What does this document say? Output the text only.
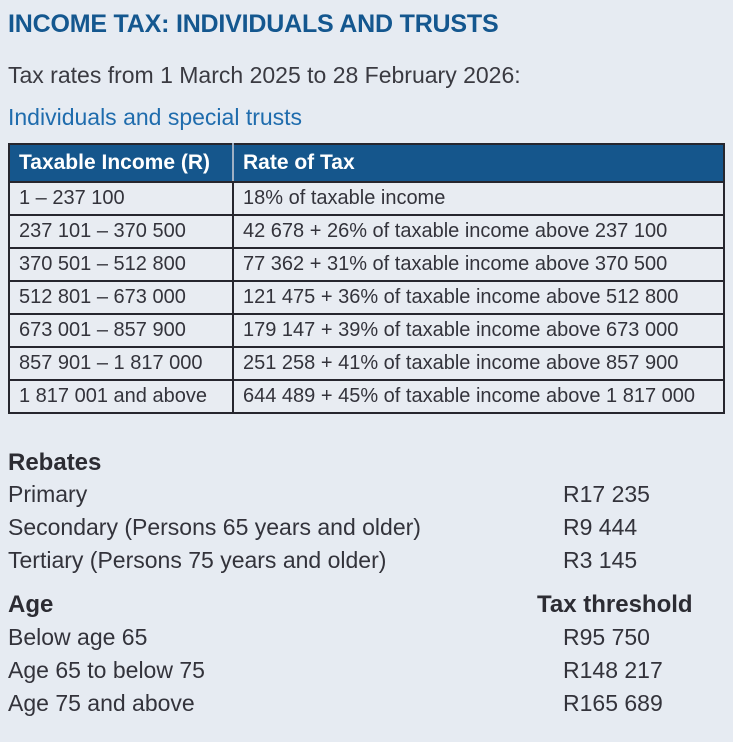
INCOME TAX: INDIVIDUALS AND TRUSTS

Tax rates from 1 March 2025 to 28 February 2026:

Individuals and special trusts
Taxable Income (R)	Rate of Tax
1 – 237 100	18% of taxable income
237 101 – 370 500	42 678 + 26% of taxable income above 237 100
370 501 – 512 800	77 362 + 31% of taxable income above 370 500
512 801 – 673 000	121 475 + 36% of taxable income above 512 800
673 001 – 857 900	179 147 + 39% of taxable income above 673 000
857 901 – 1 817 000	251 258 + 41% of taxable income above 857 900
1 817 001 and above	644 489 + 45% of taxable income above 1 817 000
Rebates
Primary	R17 235
Secondary (Persons 65 years and older)	R9 444
Tertiary (Persons 75 years and older)	R3 145
Age	Tax threshold
Below age 65	R95 750
Age 65 to below 75	R148 217
Age 75 and above	R165 689
